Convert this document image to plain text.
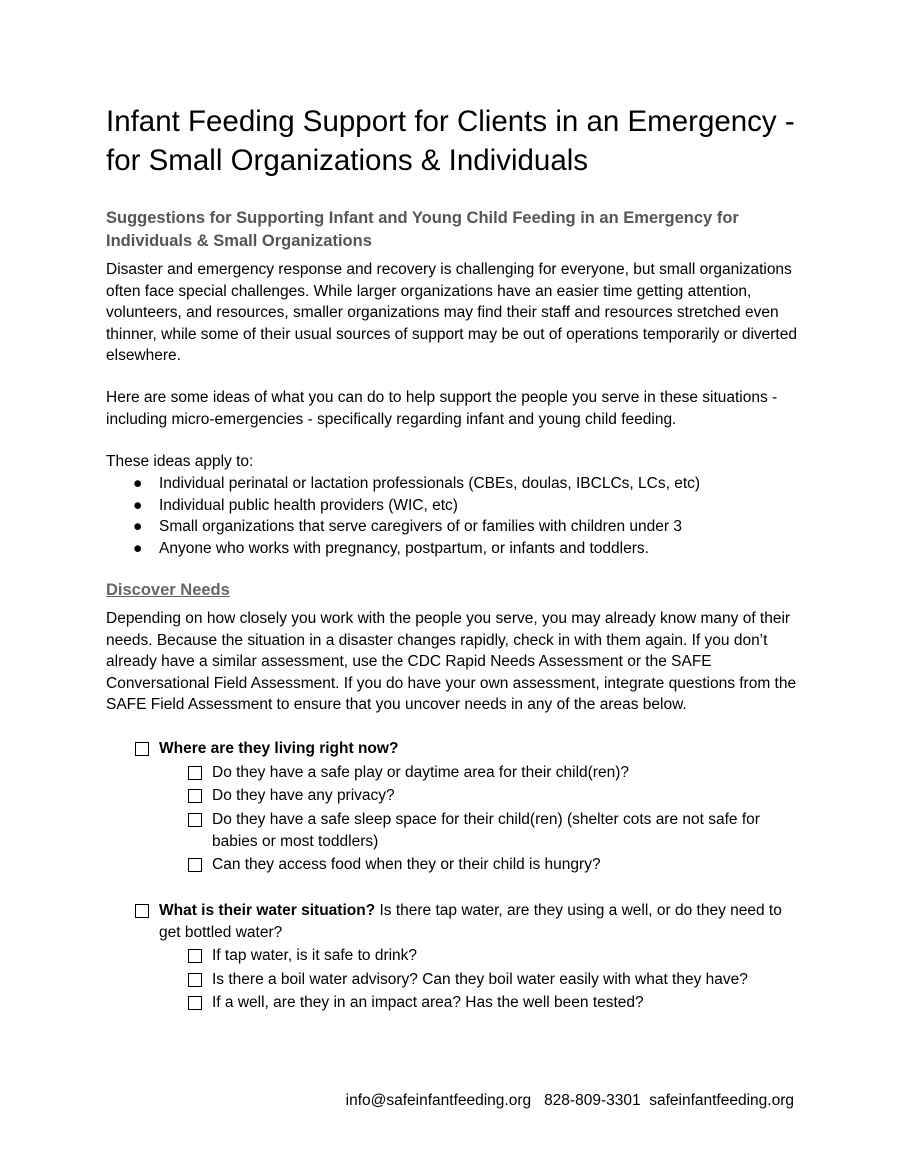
Infant Feeding Support for Clients in an Emergency - for Small Organizations & Individuals
Suggestions for Supporting Infant and Young Child Feeding in an Emergency for Individuals & Small Organizations
Disaster and emergency response and recovery is challenging for everyone, but small organizations often face special challenges. While larger organizations have an easier time getting attention, volunteers, and resources, smaller organizations may find their staff and resources stretched even thinner, while some of their usual sources of support may be out of operations temporarily or diverted elsewhere.
Here are some ideas of what you can do to help support the people you serve in these situations - including micro-emergencies - specifically regarding infant and young child feeding.
These ideas apply to:
● Individual perinatal or lactation professionals (CBEs, doulas, IBCLCs, LCs, etc)
● Individual public health providers (WIC, etc)
● Small organizations that serve caregivers of or families with children under 3
● Anyone who works with pregnancy, postpartum, or infants and toddlers.
Discover Needs
Depending on how closely you work with the people you serve, you may already know many of their needs. Because the situation in a disaster changes rapidly, check in with them again. If you don’t already have a similar assessment, use the CDC Rapid Needs Assessment or the SAFE Conversational Field Assessment. If you do have your own assessment, integrate questions from the SAFE Field Assessment to ensure that you uncover needs in any of the areas below.
Where are they living right now?
Do they have a safe play or daytime area for their child(ren)?
Do they have any privacy?
Do they have a safe sleep space for their child(ren) (shelter cots are not safe for babies or most toddlers)
Can they access food when they or their child is hungry?
What is their water situation? Is there tap water, are they using a well, or do they need to get bottled water?
If tap water, is it safe to drink?
Is there a boil water advisory? Can they boil water easily with what they have?
If a well, are they in an impact area? Has the well been tested?
info@safeinfantfeeding.org 828-809-3301 safeinfantfeeding.org
